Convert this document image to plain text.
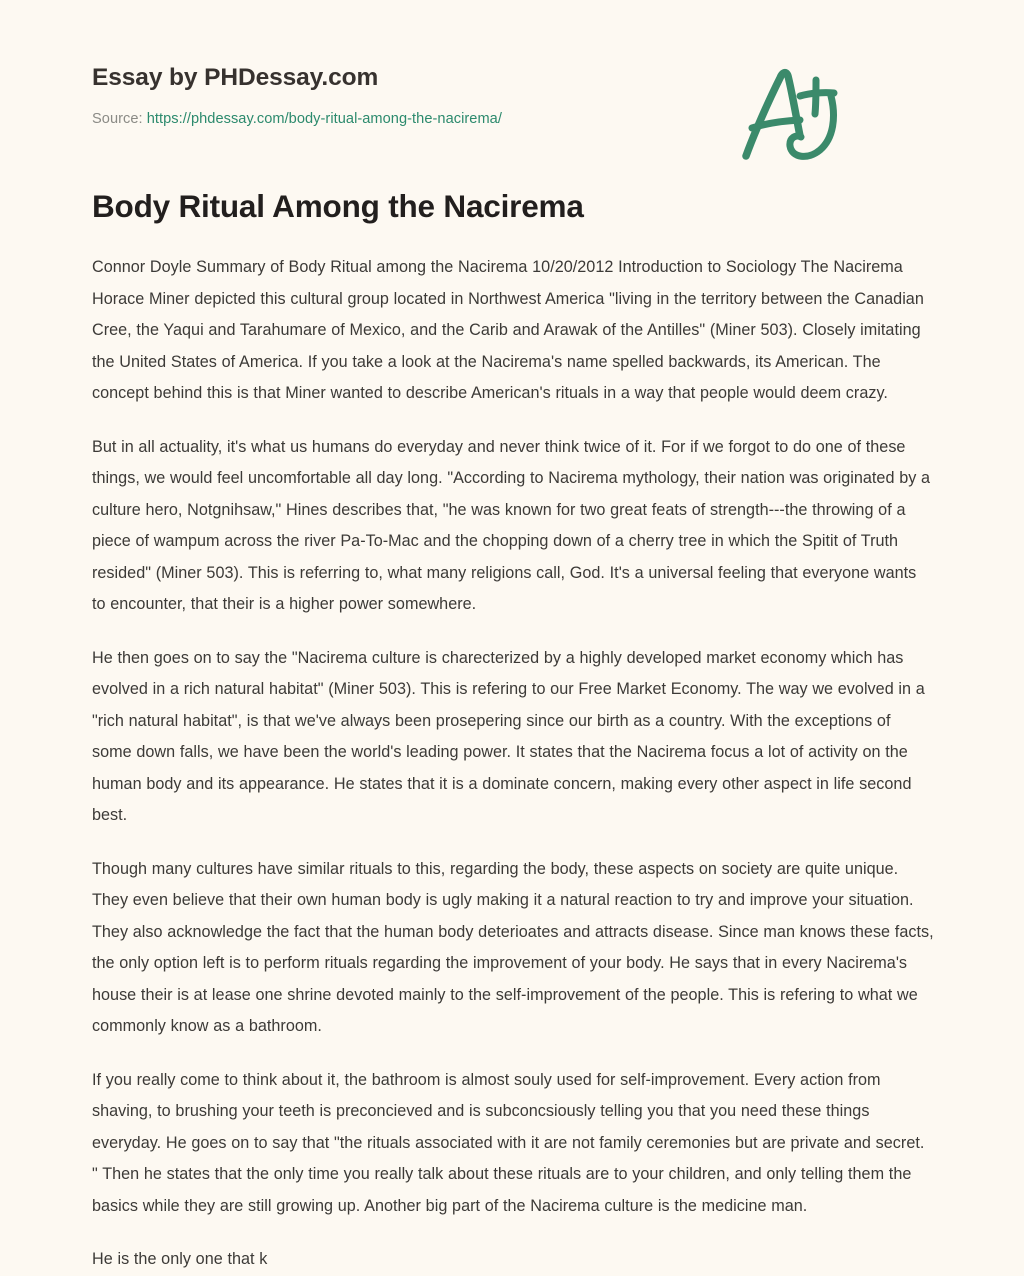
Essay by PHDessay.com
Source: https://phdessay.com/body-ritual-among-the-nacirema/
Body Ritual Among the Nacirema

Connor Doyle Summary of Body Ritual among the Nacirema 10/20/2012 Introduction to Sociology The Nacirema Horace Miner depicted this cultural group located in Northwest America "living in the territory between the Canadian Cree, the Yaqui and Tarahumare of Mexico, and the Carib and Arawak of the Antilles" (Miner 503). Closely imitating the United States of America. If you take a look at the Nacirema's name spelled backwards, its American. The concept behind this is that Miner wanted to describe American's rituals in a way that people would deem crazy.

But in all actuality, it's what us humans do everyday and never think twice of it. For if we forgot to do one of these things, we would feel uncomfortable all day long. "According to Nacirema mythology, their nation was originated by a culture hero, Notgnihsaw," Hines describes that, "he was known for two great feats of strength---the throwing of a piece of wampum across the river Pa-To-Mac and the chopping down of a cherry tree in which the Spitit of Truth resided" (Miner 503). This is referring to, what many religions call, God. It's a universal feeling that everyone wants to encounter, that their is a higher power somewhere.

He then goes on to say the "Nacirema culture is charecterized by a highly developed market economy which has evolved in a rich natural habitat" (Miner 503). This is refering to our Free Market Economy. The way we evolved in a "rich natural habitat", is that we've always been prosepering since our birth as a country. With the exceptions of some down falls, we have been the world's leading power. It states that the Nacirema focus a lot of activity on the human body and its appearance. He states that it is a dominate concern, making every other aspect in life second best.

Though many cultures have similar rituals to this, regarding the body, these aspects on society are quite unique. They even believe that their own human body is ugly making it a natural reaction to try and improve your situation. They also acknowledge the fact that the human body deterioates and attracts disease. Since man knows these facts, the only option left is to perform rituals regarding the improvement of your body. He says that in every Nacirema's house their is at lease one shrine devoted mainly to the self-improvement of the people. This is refering to what we commonly know as a bathroom.

If you really come to think about it, the bathroom is almost souly used for self-improvement. Every action from shaving, to brushing your teeth is preconcieved and is subconcsiously telling you that you need these things everyday. He goes on to say that "the rituals associated with it are not family ceremonies but are private and secret. " Then he states that the only time you really talk about these rituals are to your children, and only telling them the basics while they are still growing up. Another big part of the Nacirema culture is the medicine man.

He is the only one that k
